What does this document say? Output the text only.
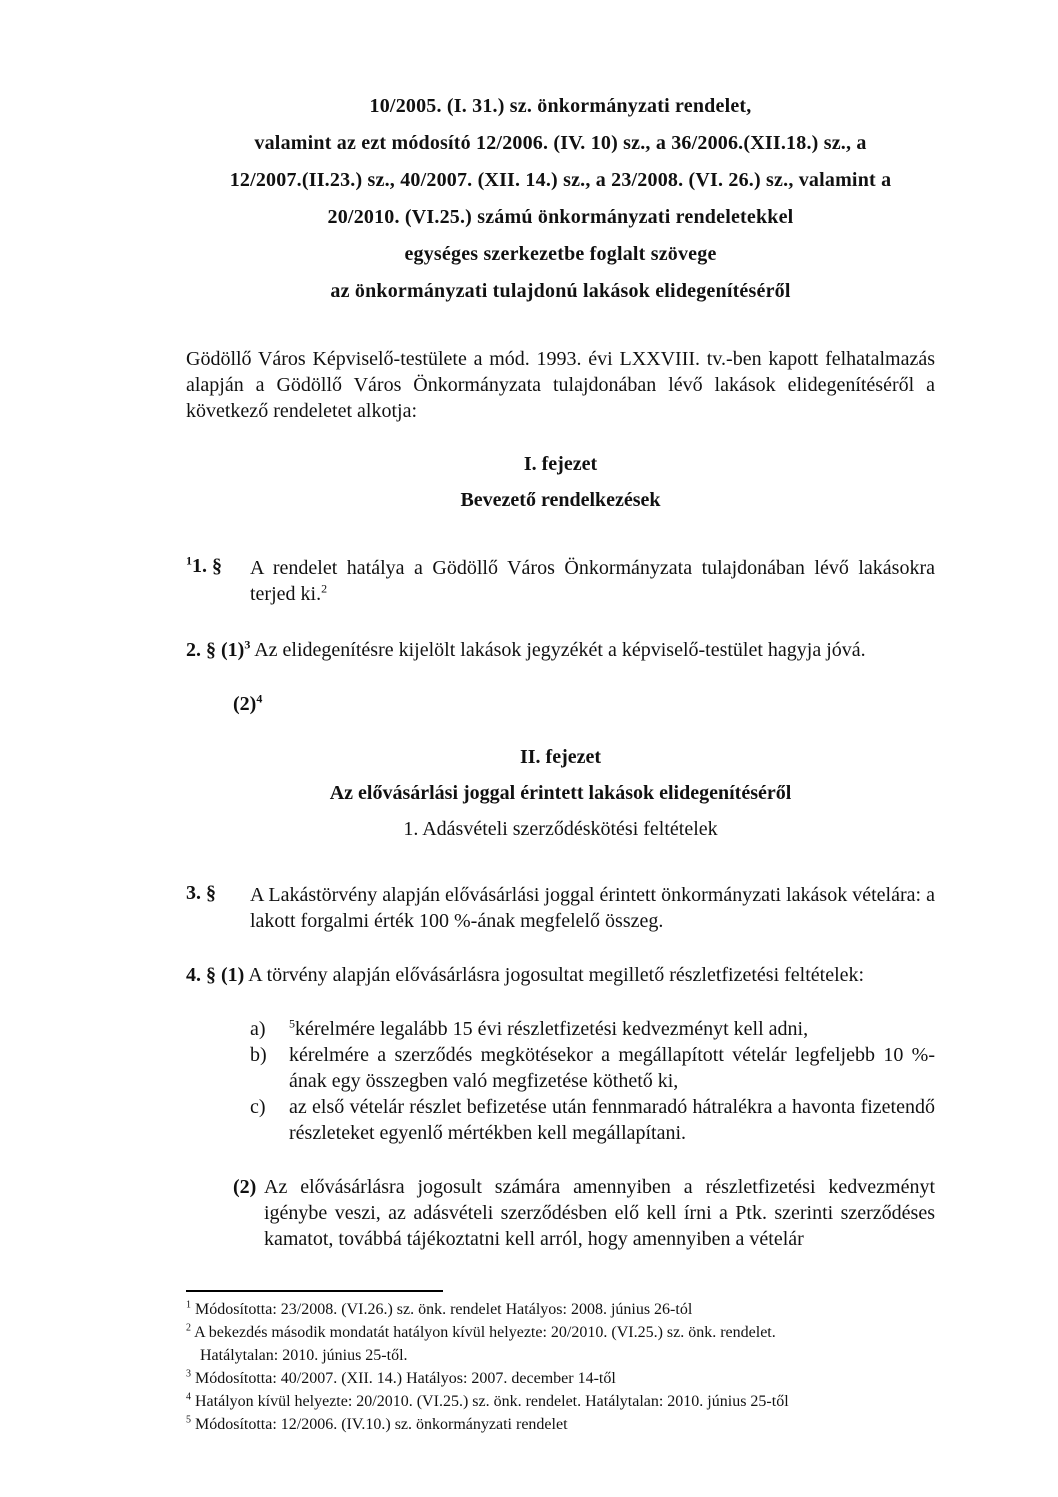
10/2005. (I. 31.) sz. önkormányzati rendelet,
valamint az ezt módosító 12/2006. (IV. 10) sz., a 36/2006.(XII.18.) sz., a
12/2007.(II.23.) sz., 40/2007. (XII. 14.) sz., a 23/2008. (VI. 26.) sz., valamint a
20/2010. (VI.25.) számú önkormányzati rendeletekkel
egységes szerkezetbe foglalt szövege
az önkormányzati tulajdonú lakások elidegenítéséről
Gödöllő Város Képviselő-testülete a mód. 1993. évi LXXVIII. tv.-ben kapott felhatalmazás alapján a Gödöllő Város Önkormányzata tulajdonában lévő lakások elidegenítéséről a következő rendeletet alkotja:
I. fejezet
Bevezető rendelkezések
$^1$1. §	A rendelet hatálya a Gödöllő Város Önkormányzata tulajdonában lévő lakásokra terjed ki.$^2$
2. § $(1)^3$ Az elidegenítésre kijelölt lakások jegyzékét a képviselő-testület hagyja jóvá.
$(2)^4$
II. fejezet
Az elővásárlási joggal érintett lakások elidegenítéséről
1. Adásvételi szerződéskötési feltételek
3. §	A Lakástörvény alapján elővásárlási joggal érintett önkormányzati lakások vételára: a lakott forgalmi érték 100 %-ának megfelelő összeg.
4. § (1) A törvény alapján elővásárlásra jogosultat megillető részletfizetési feltételek:
a)	$^5$kérelmére legalább 15 évi részletfizetési kedvezményt kell adni,
b)	kérelmére a szerződés megkötésekor a megállapított vételár legfeljebb 10 %-ának egy összegben való megfizetése köthető ki,
c)	az első vételár részlet befizetése után fennmaradó hátralékra a havonta fizetendő részleteket egyenlő mértékben kell megállapítani.
(2) Az elővásárlásra jogosult számára amennyiben a részletfizetési kedvezményt igénybe veszi, az adásvételi szerződésben elő kell írni a Ptk. szerinti szerződéses kamatot, továbbá tájékoztatni kell arról, hogy amennyiben a vételár
$^1$ Módosította: 23/2008. (VI.26.) sz. önk. rendelet Hatályos: 2008. június 26-tól
$^2$ A bekezdés második mondatát hatályon kívül helyezte: 20/2010. (VI.25.) sz. önk. rendelet.
Hatálytalan: 2010. június 25-től.
$^3$ Módosította: 40/2007. (XII. 14.) Hatályos: 2007. december 14-től
$^4$ Hatályon kívül helyezte: 20/2010. (VI.25.) sz. önk. rendelet. Hatálytalan: 2010. június 25-től
$^5$ Módosította: 12/2006. (IV.10.) sz. önkormányzati rendelet
